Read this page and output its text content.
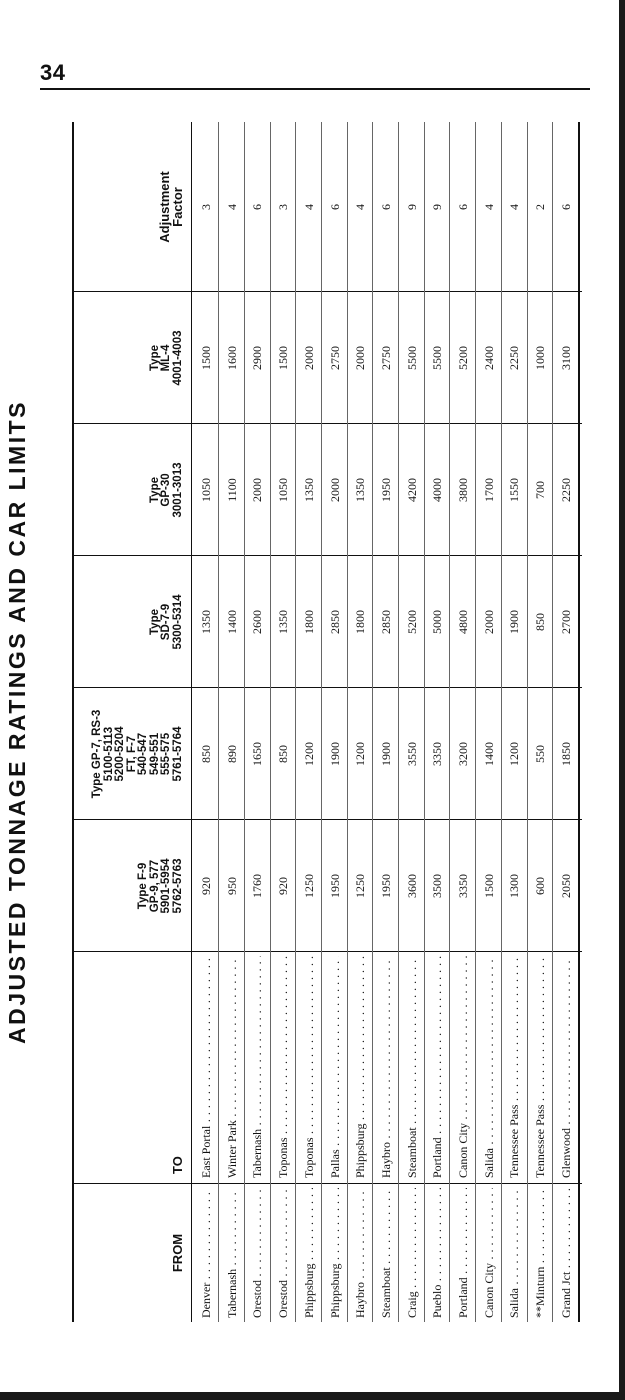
34
ADJUSTED TONNAGE RATINGS AND CAR LIMITS
FROM
TO
Type F-9 GP-9, 577 5901-5954 5762-5763
Type GP-7, RS-3 5100-5113 5200-5204 FT, F-7 540-547 549-551 555-575 5761-5764
Type SD-7-9 5300-5314
Type GP-30 3001-3013
Type ML-4 4001-4003
Adjustment
Factor
Denver . . .
East Portal . . .
920
850
1350
1050
1500
3
Tabernash . . .
Winter Park . . .
950
890
1400
1100
1600
4
Orestod . . .
Tabernash . . .
1760
1650
2600
2000
2900
6
Orestod . . .
Toponas . . .
920
850
1350
1050
1500
3
Phippsburg . . .
Toponas . . .
1250
1200
1800
1350
2000
4
Phippsburg . . .
Pallas . . .
1950
1900
2850
2000
2750
6
Haybro . . .
Phippsburg . . .
1250
1200
1800
1350
2000
4
Steamboat . . .
Haybro . . .
1950
1900
2850
1950
2750
6
Craig . . .
Steamboat . . .
3600
3550
5200
4200
5500
9
Pueblo . . .
Portland . . .
3500
3350
5000
4000
5500
9
Portland . . .
Canon City . . .
3350
3200
4800
3800
5200
6
Canon City . . .
Salida . . .
1500
1400
2000
1700
2400
4
Salida . . .
Tennessee Pass . . .
1300
1200
1900
1550
2250
4
**Minturn . . .
Tennessee Pass . . .
600
550
850
700
1000
2
Grand Jct . . .
Glenwood . . .
2050
1850
2700
2250
3100
6
